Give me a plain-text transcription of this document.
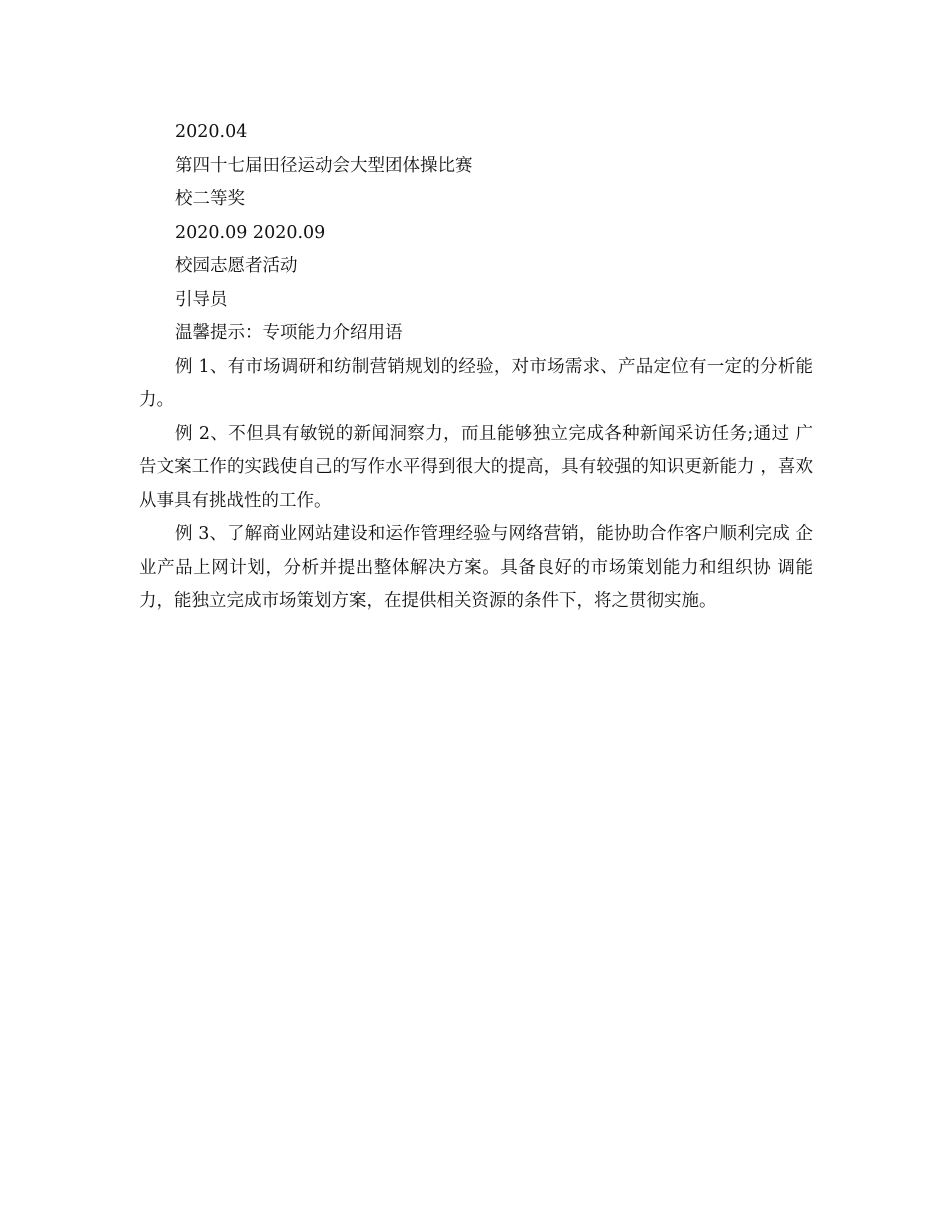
2020.04

第四十七届田径运动会大型团体操比赛

校二等奖

2020.09 2020.09

校园志愿者活动

引导员

温馨提示：专项能力介绍用语

例 1、有市场调研和纺制营销规划的经验，对市场需求、产品定位有一定的分析能力。

例 2、不但具有敏锐的新闻洞察力，而且能够独立完成各种新闻采访任务;通过 广告文案工作的实践使自己的写作水平得到很大的提高，具有较强的知识更新能力 ，喜欢从事具有挑战性的工作。

例 3、了解商业网站建设和运作管理经验与网络营销，能协助合作客户顺利完成 企业产品上网计划，分析并提出整体解决方案。具备良好的市场策划能力和组织协 调能力，能独立完成市场策划方案，在提供相关资源的条件下，将之贯彻实施。
